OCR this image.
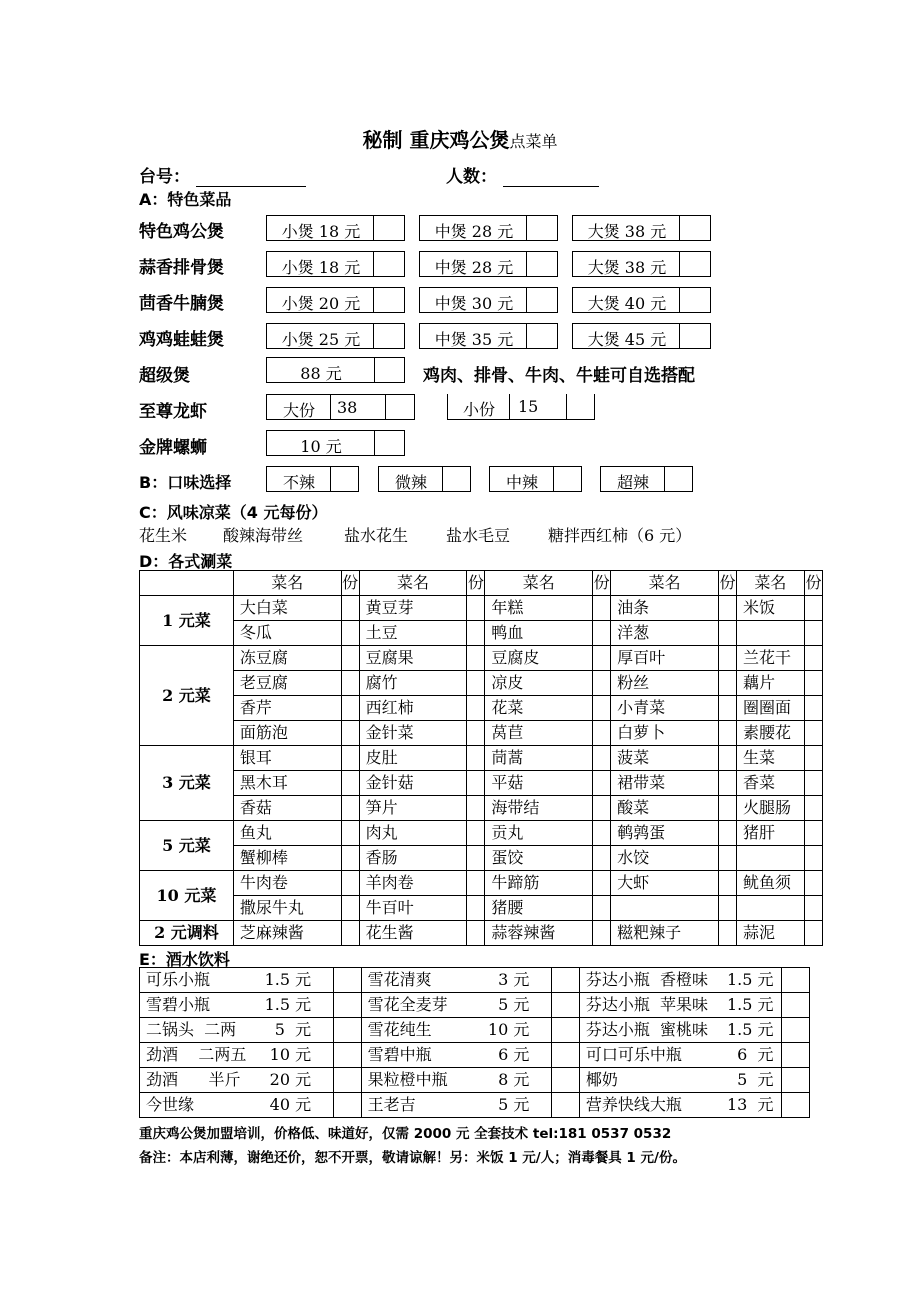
秘制 重庆鸡公煲点菜单
台号：	人数：
A：特色菜品
特色鸡公煲	小煲 18 元	中煲 28 元	大煲 38 元
蒜香排骨煲	小煲 18 元	中煲 28 元	大煲 38 元
茴香牛腩煲	小煲 20 元	中煲 30 元	大煲 40 元
鸡鸡蛙蛙煲	小煲 25 元	中煲 35 元	大煲 45 元
超级煲	88 元	鸡肉、排骨、牛肉、牛蛙可自选搭配
至尊龙虾	大份	38	小份	15
金牌螺蛳	10 元
B：口味选择	不辣	微辣	中辣	超辣
C：风味凉菜（4 元每份）
花生米 酸辣海带丝	盐水花生 盐水毛豆 糖拌西红柿（6 元）
D：各式涮菜
	菜名	份	菜名	份	菜名	份	菜名	份	菜名	份
1 元菜	大白菜		黄豆芽		年糕		油条		米饭	
	冬瓜		土豆		鸭血		洋葱			
2 元菜	冻豆腐		豆腐果		豆腐皮		厚百叶		兰花干	
	老豆腐		腐竹		凉皮		粉丝		藕片	
	香芹		西红柿		花菜		小青菜		圈圈面	
	面筋泡		金针菜		莴苣		白萝卜		素腰花	
3 元菜	银耳		皮肚		茼蒿		菠菜		生菜	
	黑木耳		金针菇		平菇		裙带菜		香菜	
	香菇		笋片		海带结		酸菜		火腿肠	
5 元菜	鱼丸		肉丸		贡丸		鹌鹑蛋		猪肝	
	蟹柳棒		香肠		蛋饺		水饺			
10 元菜	牛肉卷		羊肉卷		牛蹄筋		大虾		鱿鱼须	
	撒尿牛丸		牛百叶		猪腰					
2 元调料	芝麻辣酱		花生酱		蒜蓉辣酱		糍粑辣子		蒜泥	
E：酒水饮料
可乐小瓶 1.5 元		雪花清爽 3 元		芬达小瓶  香橙味 1.5 元	

雪碧小瓶 1.5 元		雪花全麦芽 5 元		芬达小瓶  苹果味 1.5 元	

二锅头  二两 5  元		雪花纯生 10 元		芬达小瓶  蜜桃味 1.5 元	

劲酒    二两五 10 元		雪碧中瓶 6 元		可口可乐中瓶 6  元	

劲酒      半斤 20 元		果粒橙中瓶 8 元		椰奶 5  元	

今世缘 40 元		王老吉 5 元		营养快线大瓶 13  元	

重庆鸡公煲加盟培训，价格低、味道好，仅需 2000 元 全套技术 tel:181 0537 0532
备注：本店利薄，谢绝还价，恕不开票，敬请谅解！另：米饭 1 元/人；消毒餐具 1 元/份。
